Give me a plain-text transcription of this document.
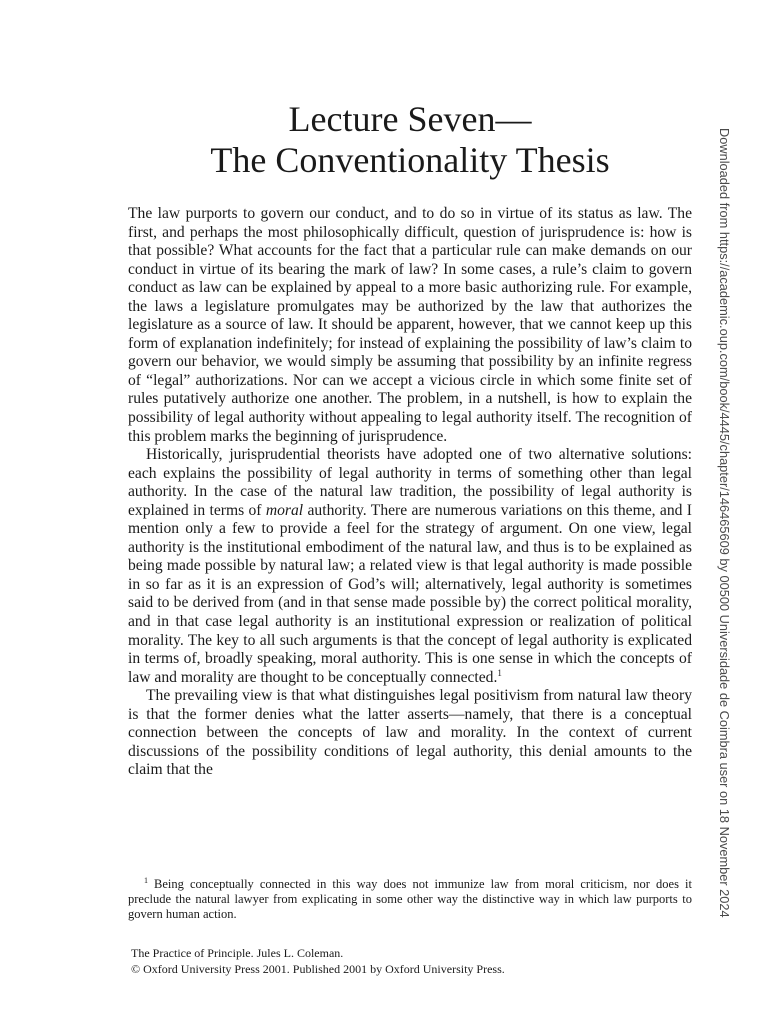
Lecture Seven—
The Conventionality Thesis

The law purports to govern our conduct, and to do so in virtue of its status as law. The first, and perhaps the most philosophically difficult, question of jurisprudence is: how is that possible? What accounts for the fact that a particular rule can make demands on our conduct in virtue of its bearing the mark of law? In some cases, a rule’s claim to govern conduct as law can be explained by appeal to a more basic authorizing rule. For example, the laws a legislature promulgates may be authorized by the law that authorizes the legislature as a source of law. It should be apparent, however, that we cannot keep up this form of explanation indefinitely; for instead of explaining the possibility of law’s claim to govern our behavior, we would simply be assuming that possibility by an infinite regress of “legal” authorizations. Nor can we accept a vicious circle in which some finite set of rules putatively authorize one another. The problem, in a nutshell, is how to explain the possibility of legal authority without appealing to legal authority itself. The recognition of this problem marks the beginning of jurisprudence.

Historically, jurisprudential theorists have adopted one of two alternative solutions: each explains the possibility of legal authority in terms of something other than legal authority. In the case of the natural law tradition, the possibility of legal authority is explained in terms of moral authority. There are numerous variations on this theme, and I mention only a few to provide a feel for the strategy of argument. On one view, legal authority is the institutional embodiment of the natural law, and thus is to be explained as being made possible by natural law; a related view is that legal authority is made possible in so far as it is an expression of God’s will; alternatively, legal authority is sometimes said to be derived from (and in that sense made possible by) the correct political morality, and in that case legal authority is an institutional expression or realization of political morality. The key to all such arguments is that the concept of legal authority is explicated in terms of, broadly speaking, moral authority. This is one sense in which the concepts of law and morality are thought to be conceptually connected.$^1$

The prevailing view is that what distinguishes legal positivism from natural law theory is that the former denies what the latter asserts—namely, that there is a conceptual connection between the concepts of law and morality. In the context of current discussions of the possibility conditions of legal authority, this denial amounts to the claim that the

$^1$ Being conceptually connected in this way does not immunize law from moral criticism, nor does it preclude the natural lawyer from explicating in some other way the distinctive way in which law purports to govern human action.

The Practice of Principle. Jules L. Coleman.
© Oxford University Press 2001. Published 2001 by Oxford University Press.
Downloaded from https://academic.oup.com/book/4445/chapter/146465609 by 00500 Universidade de Coimbra user on 18 November 2024
